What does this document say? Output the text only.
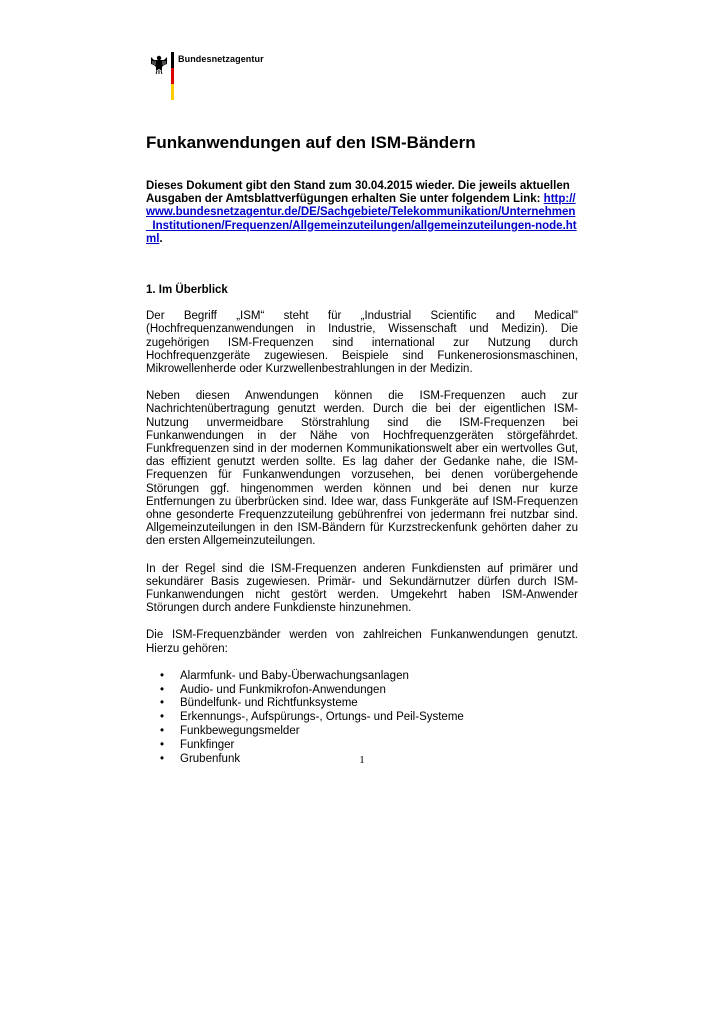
Bundesnetzagentur
Funkanwendungen auf den ISM-Bändern

Dieses Dokument gibt den Stand zum 30.04.2015 wieder. Die jeweils aktuellen Ausgaben der Amtsblattverfügungen erhalten Sie unter folgendem Link: http://www.bundesnetzagentur.de/DE/Sachgebiete/Telekommunikation/Unternehmen_Institutionen/Frequenzen/Allgemeinzuteilungen/allgemeinzuteilungen-node.html.

1. Im Überblick

Der Begriff „ISM“ steht für „Industrial Scientific and Medical" (Hochfrequenzanwendungen in Industrie, Wissenschaft und Medizin). Die zugehörigen ISM-Frequenzen sind international zur Nutzung durch Hochfrequenzgeräte zugewiesen. Beispiele sind Funkenerosionsmaschinen, Mikrowellenherde oder Kurzwellenbestrahlungen in der Medizin.

Neben diesen Anwendungen können die ISM-Frequenzen auch zur Nachrichtenübertragung genutzt werden. Durch die bei der eigentlichen ISM-Nutzung unvermeidbare Störstrahlung sind die ISM-Frequenzen bei Funkanwendungen in der Nähe von Hochfrequenzgeräten störgefährdet. Funkfrequenzen sind in der modernen Kommunikationswelt aber ein wertvolles Gut, das effizient genutzt werden sollte. Es lag daher der Gedanke nahe, die ISM-Frequenzen für Funkanwendungen vorzusehen, bei denen vorübergehende Störungen ggf. hingenommen werden können und bei denen nur kurze Entfernungen zu überbrücken sind. Idee war, dass Funkgeräte auf ISM-Frequenzen ohne gesonderte Frequenzzuteilung gebührenfrei von jedermann frei nutzbar sind. Allgemeinzuteilungen in den ISM-Bändern für Kurzstreckenfunk gehörten daher zu den ersten Allgemeinzuteilungen.

In der Regel sind die ISM-Frequenzen anderen Funkdiensten auf primärer und sekundärer Basis zugewiesen. Primär- und Sekundärnutzer dürfen durch ISM-Funkanwendungen nicht gestört werden. Umgekehrt haben ISM-Anwender Störungen durch andere Funkdienste hinzunehmen.

Die ISM-Frequenzbänder werden von zahlreichen Funkanwendungen genutzt. Hierzu gehören:

• Alarmfunk- und Baby-Überwachungsanlagen
• Audio- und Funkmikrofon-Anwendungen
• Bündelfunk- und Richtfunksysteme
• Erkennungs-, Aufspürungs-, Ortungs- und Peil-Systeme
• Funkbewegungsmelder
• Funkfinger
• Grubenfunk	1
